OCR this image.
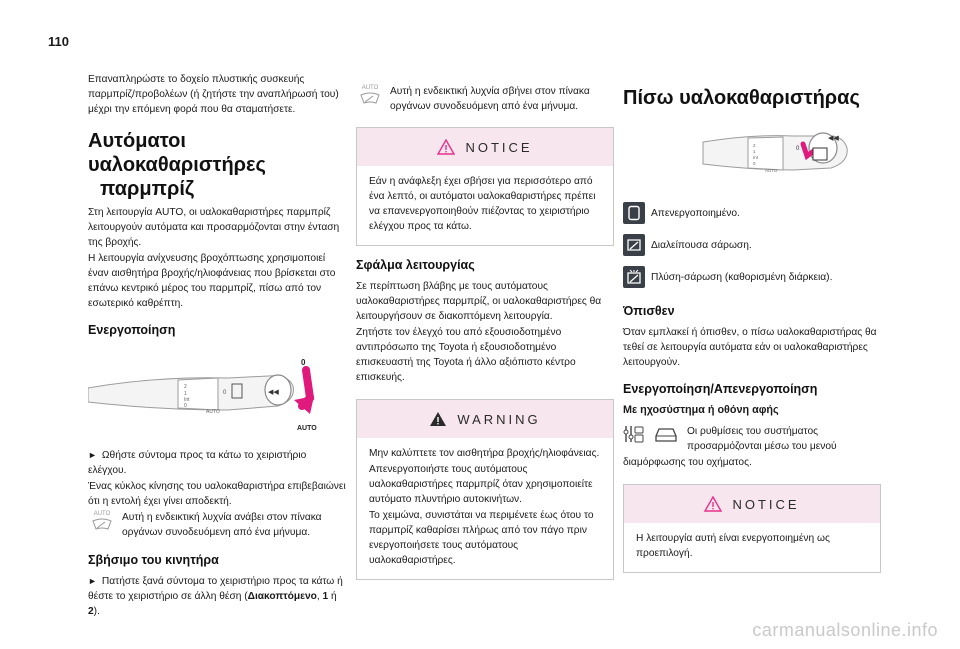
110

Επαναπληρώστε το δοχείο πλυστικής συσκευής παρμπρίζ/προβολέων (ή ζητήστε την αναπλήρωσή του) μέχρι την επόμενη φορά που θα σταματήσετε.

Αυτόματοι υαλοκαθαριστήρες
παρμπρίζ

Στη λειτουργία AUTO, οι υαλοκαθαριστήρες παρμπρίζ λειτουργούν αυτόματα και προσαρμόζονται στην ένταση της βροχής.

Η λειτουργία ανίχνευσης βροχόπτωσης χρησιμοποιεί έναν αισθητήρα βροχής/ηλιοφάνειας που βρίσκεται στο επάνω κεντρικό μέρος του παρμπρίζ, πίσω από τον εσωτερικό καθρέπτη.

Ενεργοποίηση
2
1
Int
0
AUTO
◀◀
0
0
AUTO

► Ωθήστε σύντομα προς τα κάτω το χειριστήριο ελέγχου.

Ένας κύκλος κίνησης του υαλοκαθαριστήρα επιβεβαιώνει ότι η εντολή έχει γίνει αποδεκτή.

AUTO	Αυτή η ενδεικτική λυχνία ανάβει στον πίνακα οργάνων συνοδευόμενη από ένα μήνυμα.

Σβήσιμο του κινητήρα

► Πατήστε ξανά σύντομα το χειριστήριο προς τα κάτω ή θέστε το χειριστήριο σε άλλη θέση (Διακοπτόμενο, 1 ή 2).

AUTO	Αυτή η ενδεικτική λυχνία σβήνει στον πίνακα οργάνων συνοδευόμενη από ένα μήνυμα.

NOTICE

Εάν η ανάφλεξη έχει σβήσει για περισσότερο από ένα λεπτό, οι αυτόματοι υαλοκαθαριστήρες πρέπει να επανενεργοποιηθούν πιέζοντας το χειριστήριο ελέγχου προς τα κάτω.

Σφάλμα λειτουργίας

Σε περίπτωση βλάβης με τους αυτόματους υαλοκαθαριστήρες παρμπρίζ, οι υαλοκαθαριστήρες θα λειτουργήσουν σε διακοπτόμενη λειτουργία.

Ζητήστε τον έλεγχό του από εξουσιοδοτημένο αντιπρόσωπο της Toyota ή εξουσιοδοτημένο επισκευαστή της Toyota ή άλλο αξιόπιστο κέντρο επισκευής.

WARNING

Μην καλύπτετε τον αισθητήρα βροχής/ηλιοφάνειας.

Απενεργοποιήστε τους αυτόματους υαλοκαθαριστήρες παρμπρίζ όταν χρησιμοποιείτε αυτόματο πλυντήριο αυτοκινήτων.

Το χειμώνα, συνιστάται να περιμένετε έως ότου το παρμπρίζ καθαρίσει πλήρως από τον πάγο πριν ενεργοποιήσετε τους αυτόματους υαλοκαθαριστήρες.

Πίσω υαλοκαθαριστήρας
2
1
Int
0
AUTO
◀◀
0
Απενεργοποιημένο.
Διαλείπουσα σάρωση.
Πλύση-σάρωση (καθορισμένη διάρκεια).
Όπισθεν

Όταν εμπλακεί ή όπισθεν, ο πίσω υαλοκαθαριστήρας θα τεθεί σε λειτουργία αυτόματα εάν οι υαλοκαθαριστήρες λειτουργούν.

Ενεργοποίηση/Απενεργοποίηση
Με ηχοσύστημα ή οθόνη αφής

Οι ρυθμίσεις του συστήματος προσαρμόζονται μέσω του μενού

διαμόρφωσης του οχήματος.

NOTICE

Η λειτουργία αυτή είναι ενεργοποιημένη ως προεπιλογή.

carmanualsonline.info
